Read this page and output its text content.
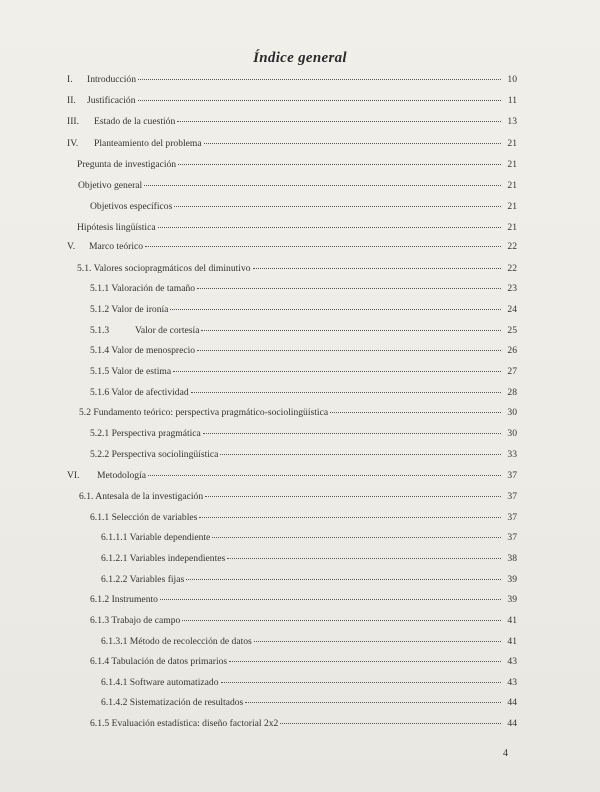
Índice general
I.	Introducción	10
II.	Justificación	11
III.	Estado de la cuestión	13
IV.	Planteamiento del problema	21
Pregunta de investigación	21
Objetivo general	21
Objetivos específicos	21
Hipótesis lingüística	21
V.	Marco teórico	22
5.1. Valores sociopragmáticos del diminutivo	22
5.1.1 Valoración de tamaño	23
5.1.2 Valor de ironía	24
5.1.3	Valor de cortesía	25
5.1.4 Valor de menosprecio	26
5.1.5 Valor de estima	27
5.1.6 Valor de afectividad	28
5.2 Fundamento teórico: perspectiva pragmático-sociolingüística	30
5.2.1 Perspectiva pragmática	30
5.2.2 Perspectiva sociolingüística	33
VI.	Metodología	37
6.1. Antesala de la investigación	37
6.1.1 Selección de variables	37
6.1.1.1 Variable dependiente	37
6.1.2.1 Variables independientes	38
6.1.2.2 Variables fijas	39
6.1.2 Instrumento	39
6.1.3 Trabajo de campo	41
6.1.3.1 Método de recolección de datos	41
6.1.4 Tabulación de datos primarios	43
6.1.4.1 Software automatizado	43
6.1.4.2 Sistematización de resultados	44
6.1.5 Evaluación estadística: diseño factorial 2x2	44
4
